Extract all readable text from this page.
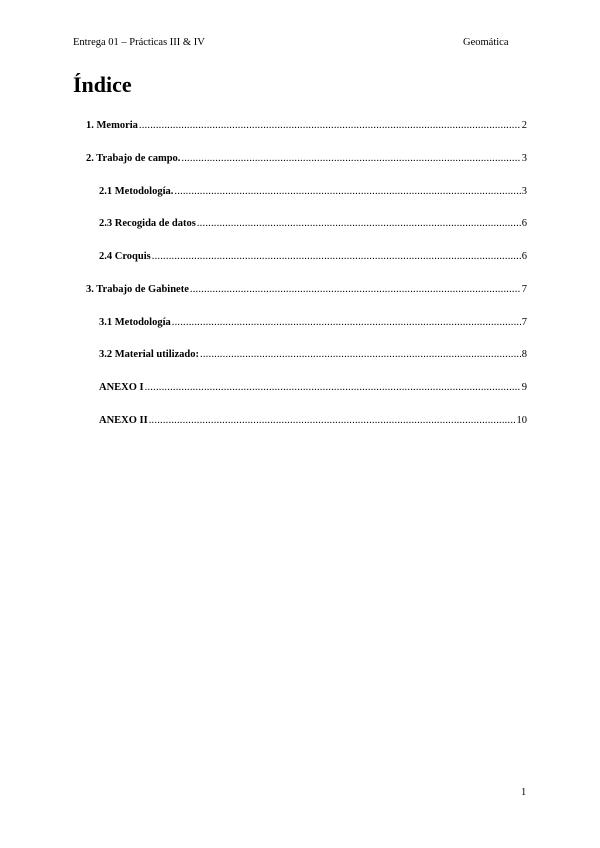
Entrega 01 – Prácticas III & IV	Geomática
Índice
1. Memoria .....	2
2. Trabajo de campo. .....	3
2.1 Metodología. .....	3
2.3 Recogida de datos .....	6
2.4 Croquis .....	6
3. Trabajo de Gabinete .....	7
3.1 Metodología .....	7
3.2 Material utilizado: .....	8
ANEXO I .....	9
ANEXO II .....	10
1
